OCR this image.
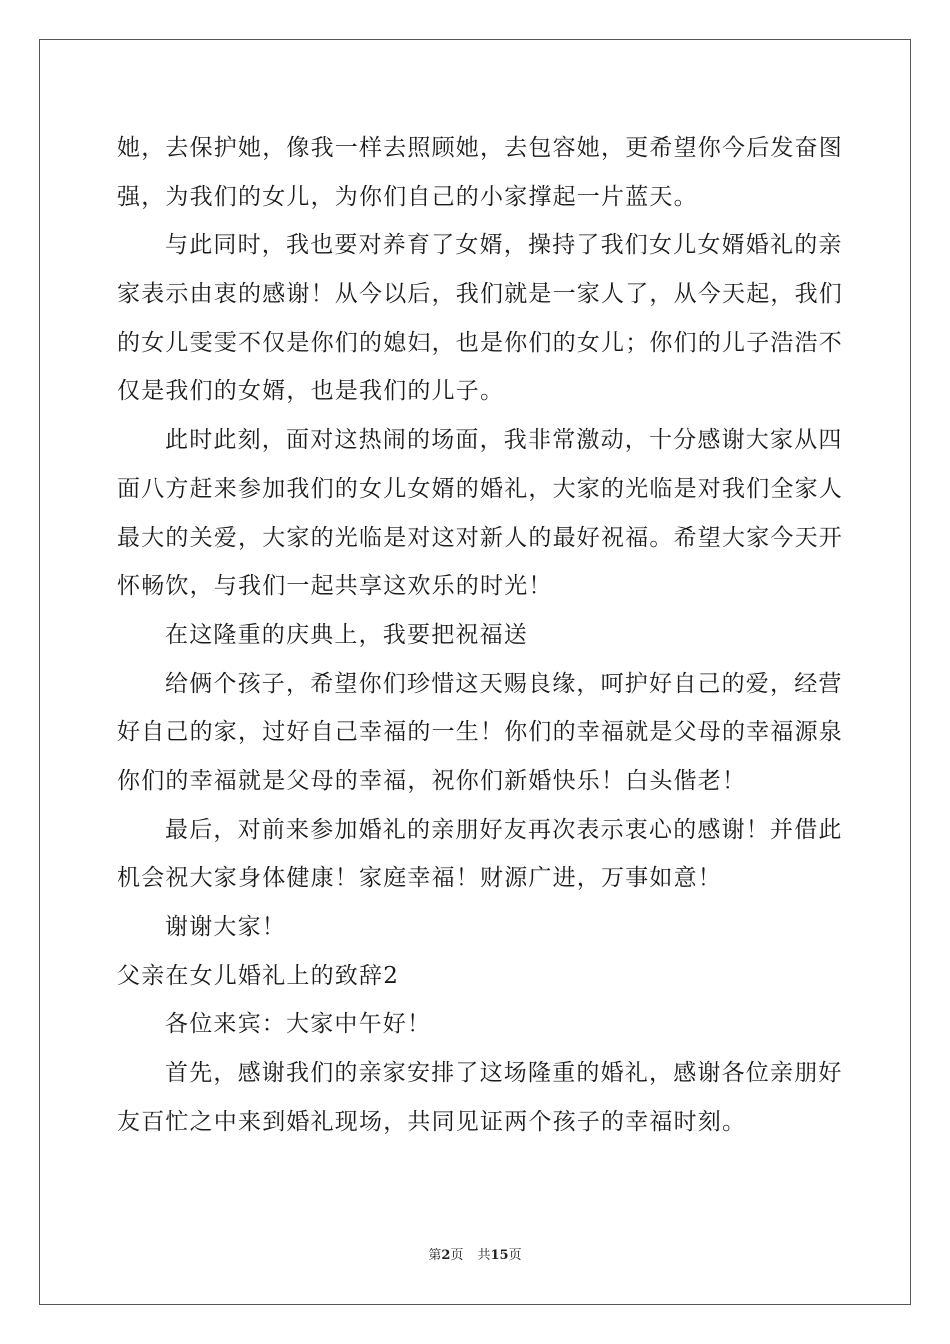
她，去保护她，像我一样去照顾她，去包容她，更希望你今后发奋图
强，为我们的女儿，为你们自己的小家撑起一片蓝天。
与此同时，我也要对养育了女婿，操持了我们女儿女婿婚礼的亲
家表示由衷的感谢！从今以后，我们就是一家人了，从今天起，我们
的女儿雯雯不仅是你们的媳妇，也是你们的女儿；你们的儿子浩浩不
仅是我们的女婿，也是我们的儿子。
此时此刻，面对这热闹的场面，我非常激动，十分感谢大家从四
面八方赶来参加我们的女儿女婿的婚礼，大家的光临是对我们全家人
最大的关爱，大家的光临是对这对新人的最好祝福。希望大家今天开
怀畅饮，与我们一起共享这欢乐的时光！
在这隆重的庆典上，我要把祝福送
给俩个孩子，希望你们珍惜这天赐良缘，呵护好自己的爱，经营
好自己的家，过好自己幸福的一生！你们的幸福就是父母的幸福源泉
你们的幸福就是父母的幸福，祝你们新婚快乐！白头偕老！
最后，对前来参加婚礼的亲朋好友再次表示衷心的感谢！并借此
机会祝大家身体健康！家庭幸福！财源广进，万事如意！
谢谢大家！
父亲在女儿婚礼上的致辞2
各位来宾：大家中午好！
首先，感谢我们的亲家安排了这场隆重的婚礼，感谢各位亲朋好
友百忙之中来到婚礼现场，共同见证两个孩子的幸福时刻。
第2页 共15页
